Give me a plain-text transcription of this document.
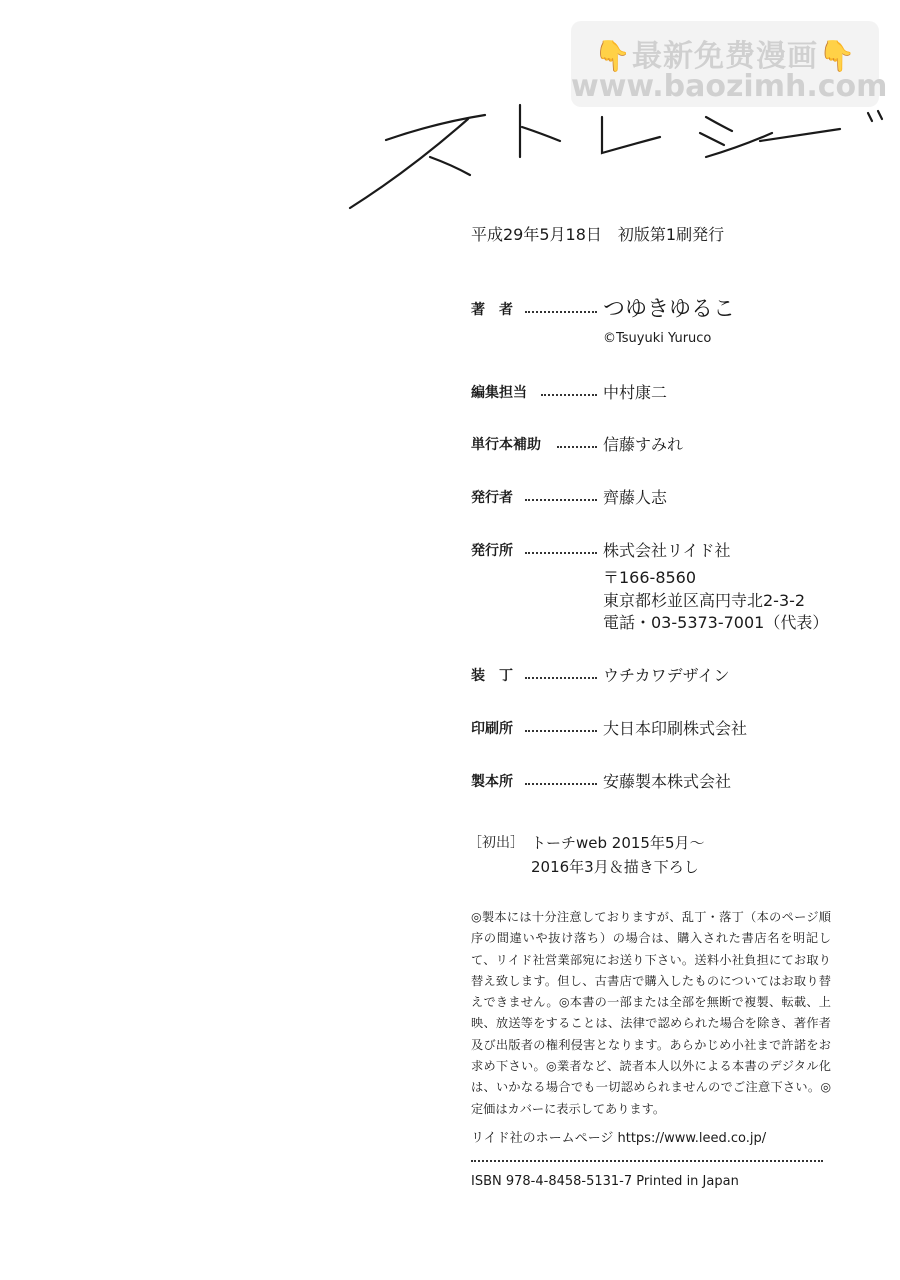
👇最新免费漫画👇
www.baozimh.com
平成29年5月18日　初版第1刷発行
著　者	つゆきゆるこ
©Tsuyuki Yuruco
編集担当	中村康二
単行本補助	信藤すみれ
発行者	齊藤人志
発行所	株式会社リイド社
〒166-8560
東京都杉並区高円寺北2-3-2
電話・03-5373-7001（代表）
装　丁	ウチカワデザイン
印刷所	大日本印刷株式会社
製本所	安藤製本株式会社
［初出］ トーチweb 2015年5月～
2016年3月＆描き下ろし
◎製本には十分注意しておりますが、乱丁・落丁（本のページ順序の間違いや抜け落ち）の場合は、購入された書店名を明記して、リイド社営業部宛にお送り下さい。送料小社負担にてお取り替え致します。但し、古書店で購入したものについてはお取り替えできません。◎本書の一部または全部を無断で複製、転載、上映、放送等をすることは、法律で認められた場合を除き、著作者及び出版者の権利侵害となります。あらかじめ小社まで許諾をお求め下さい。◎業者など、読者本人以外による本書のデジタル化は、いかなる場合でも一切認められませんのでご注意下さい。◎定価はカバーに表示してあります。
リイド社のホームページ https://www.leed.co.jp/
ISBN 978-4-8458-5131-7 Printed in Japan
